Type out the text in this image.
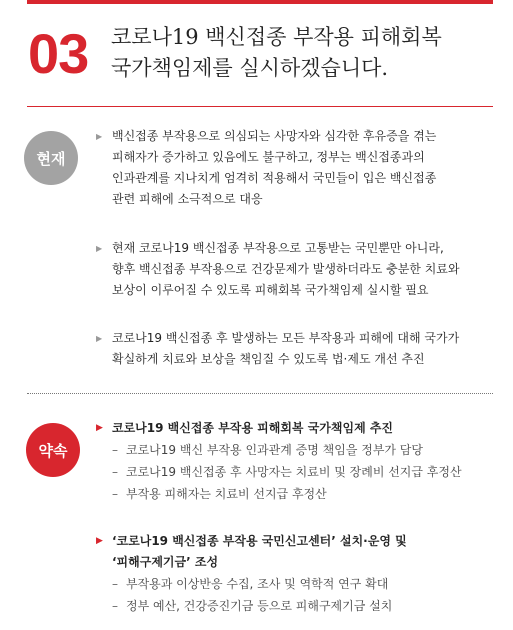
03 코로나19 백신접종 부작용 피해회복
국가책임제를 실시하겠습니다.
현재
▶ 백신접종 부작용으로 의심되는 사망자와 심각한 후유증을 겪는
피해자가 증가하고 있음에도 불구하고, 정부는 백신접종과의
인과관계를 지나치게 엄격히 적용해서 국민들이 입은 백신접종
관련 피해에 소극적으로 대응
▶ 현재 코로나19 백신접종 부작용으로 고통받는 국민뿐만 아니라,
향후 백신접종 부작용으로 건강문제가 발생하더라도 충분한 치료와
보상이 이루어질 수 있도록 피해회복 국가책임제 실시할 필요
▶ 코로나19 백신접종 후 발생하는 모든 부작용과 피해에 대해 국가가
확실하게 치료와 보상을 책임질 수 있도록 법·제도 개선 추진
약속
▶ 코로나19 백신접종 부작용 피해회복 국가책임제 추진
– 코로나19 백신 부작용 인과관계 증명 책임을 정부가 담당
– 코로나19 백신접종 후 사망자는 치료비 및 장례비 선지급 후정산
– 부작용 피해자는 치료비 선지급 후정산
▶ ‘코로나19 백신접종 부작용 국민신고센터’ 설치·운영 및
‘피해구제기금’ 조성
– 부작용과 이상반응 수집, 조사 및 역학적 연구 확대
– 정부 예산, 건강증진기금 등으로 피해구제기금 설치
